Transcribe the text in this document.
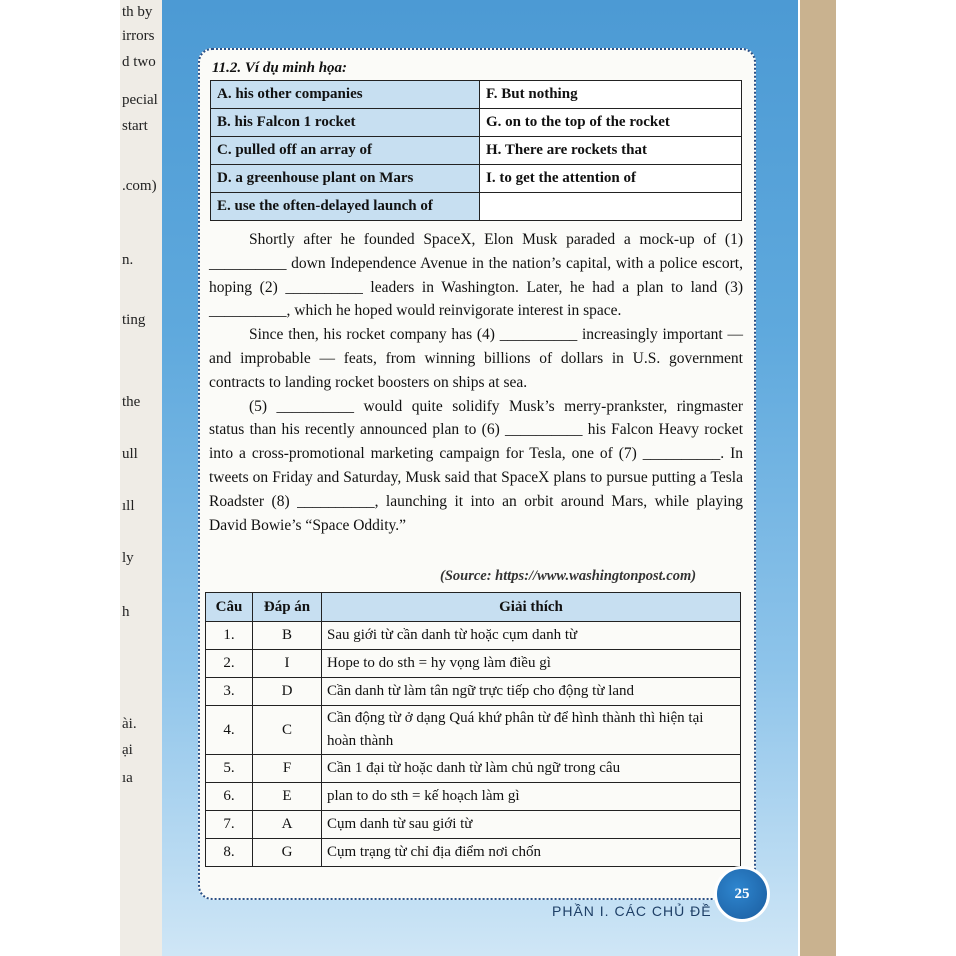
th by
irrors
d two
pecial
start
.com)
n.
ting
the
ull
ıll
ly
h
ài.
ại
ıa
11.2. Ví dụ minh họa:
A. his other companies	F. But nothing
B. his Falcon 1 rocket	G. on to the top of the rocket
C. pulled off an array of	H. There are rockets that
D. a greenhouse plant on Mars	I. to get the attention of
E. use the often-delayed launch of	

Shortly after he founded SpaceX, Elon Musk paraded a mock-up of (1) __________ down Independence Avenue in the nation’s capital, with a police escort, hoping (2) __________ leaders in Washington. Later, he had a plan to land (3) __________, which he hoped would reinvigorate interest in space.

Since then, his rocket company has (4) __________ increasingly important — and improbable — feats, from winning billions of dollars in U.S. government contracts to landing rocket boosters on ships at sea.

(5) __________ would quite solidify Musk’s merry-prankster, ringmaster status than his recently announced plan to (6) __________ his Falcon Heavy rocket into a cross-promotional marketing campaign for Tesla, one of (7) __________. In tweets on Friday and Saturday, Musk said that SpaceX plans to pursue putting a Tesla Roadster (8) __________, launching it into an orbit around Mars, while playing David Bowie’s “Space Oddity.”

(Source: https://www.washingtonpost.com)
Câu	Đáp án	Giải thích
1.	B	Sau giới từ cần danh từ hoặc cụm danh từ
2.	I	Hope to do sth = hy vọng làm điều gì
3.	D	Cần danh từ làm tân ngữ trực tiếp cho động từ land
4.	C	Cần động từ ở dạng Quá khứ phân từ để hình thành thì hiện tại hoàn thành
5.	F	Cần 1 đại từ hoặc danh từ làm chủ ngữ trong câu
6.	E	plan to do sth = kế hoạch làm gì
7.	A	Cụm danh từ sau giới từ
8.	G	Cụm trạng từ chỉ địa điểm nơi chốn
PHẦN I. CÁC CHỦ ĐỀ
25
